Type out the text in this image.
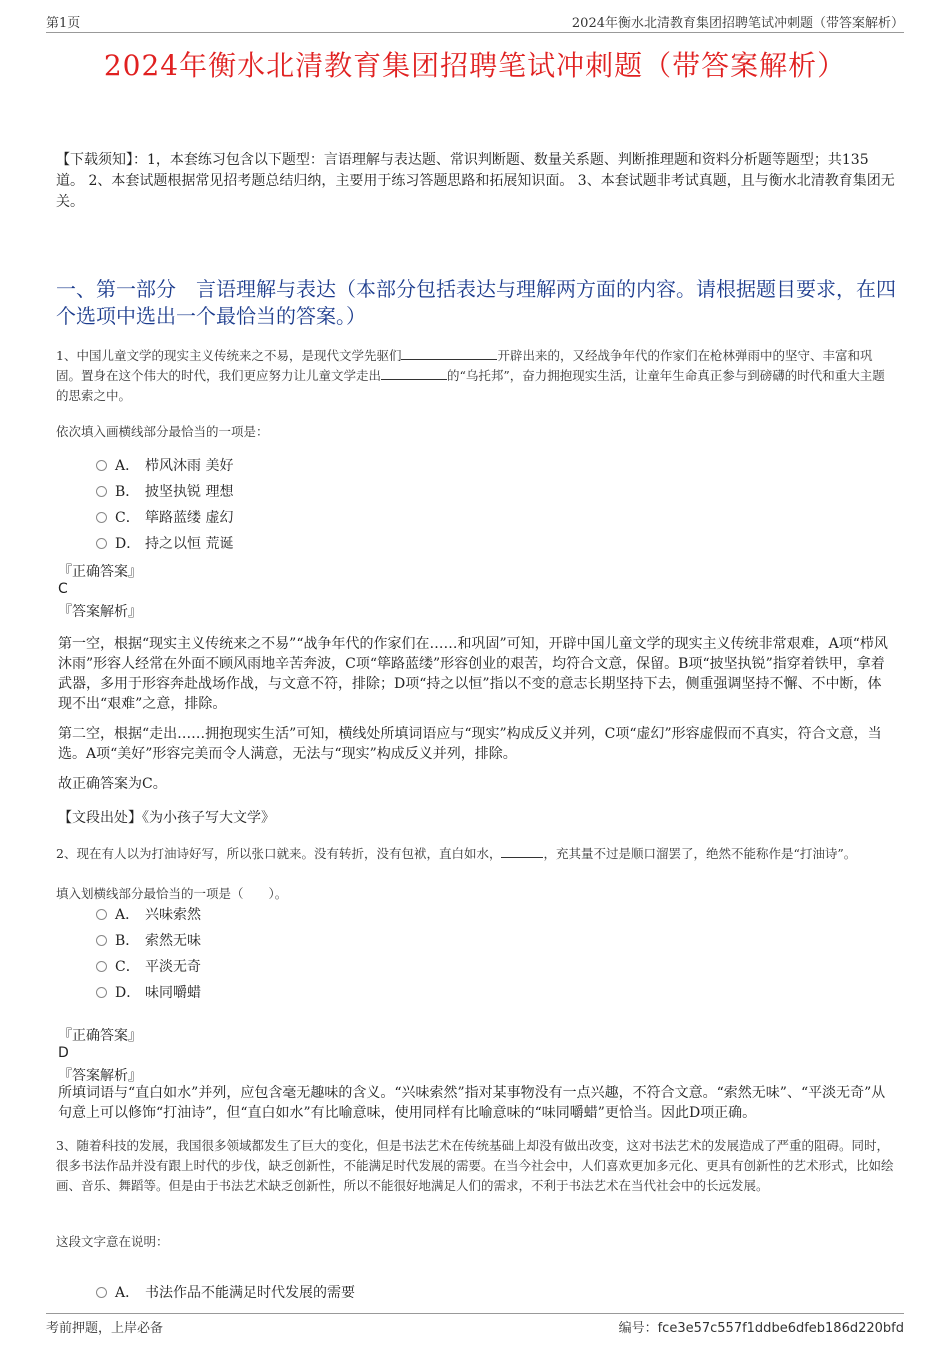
第1页	2024年衡水北清教育集团招聘笔试冲刺题（带答案解析）
2024年衡水北清教育集团招聘笔试冲刺题（带答案解析）
【下载须知】：1，本套练习包含以下题型：言语理解与表达题、常识判断题、数量关系题、判断推理题和资料分析题等题型；共135道。 2、本套试题根据常见招考题总结归纳，主要用于练习答题思路和拓展知识面。 3、本套试题非考试真题，且与衡水北清教育集团无关。
一、第一部分　言语理解与表达（本部分包括表达与理解两方面的内容。请根据题目要求，在四个选项中选出一个最恰当的答案。）
1、中国儿童文学的现实主义传统来之不易，是现代文学先驱们	开辟出来的，又经战争年代的作家们在枪林弹雨中的坚守、丰富和巩固。置身在这个伟大的时代，我们更应努力让儿童文学走出	的“乌托邦”，奋力拥抱现实生活，让童年生命真正参与到磅礴的时代和重大主题的思索之中。
依次填入画横线部分最恰当的一项是：
A． 栉风沐雨 美好
B． 披坚执锐 理想
C． 筚路蓝缕 虚幻
D． 持之以恒 荒诞
『正确答案』
C
『答案解析』
第一空，根据“现实主义传统来之不易”“战争年代的作家们在……和巩固”可知，开辟中国儿童文学的现实主义传统非常艰难，A项“栉风沐雨”形容人经常在外面不顾风雨地辛苦奔波，C项“筚路蓝缕”形容创业的艰苦，均符合文意，保留。B项“披坚执锐”指穿着铁甲，拿着武器，多用于形容奔赴战场作战，与文意不符，排除；D项“持之以恒”指以不变的意志长期坚持下去，侧重强调坚持不懈、不中断，体现不出“艰难”之意，排除。
第二空，根据“走出……拥抱现实生活”可知，横线处所填词语应与“现实”构成反义并列，C项“虚幻”形容虚假而不真实，符合文意，当选。A项“美好”形容完美而令人满意，无法与“现实”构成反义并列，排除。
故正确答案为C。
【文段出处】《为小孩子写大文学》
2、现在有人以为打油诗好写，所以张口就来。没有转折，没有包袱，直白如水，	，充其量不过是顺口溜罢了，绝然不能称作是“打油诗”。
填入划横线部分最恰当的一项是（　　）。
A． 兴味索然
B． 索然无味
C． 平淡无奇
D． 味同嚼蜡
『正确答案』
D
『答案解析』
所填词语与“直白如水”并列，应包含毫无趣味的含义。“兴味索然”指对某事物没有一点兴趣，不符合文意。“索然无味”、“平淡无奇”从句意上可以修饰“打油诗”，但“直白如水”有比喻意味，使用同样有比喻意味的“味同嚼蜡”更恰当。因此D项正确。
3、随着科技的发展，我国很多领域都发生了巨大的变化，但是书法艺术在传统基础上却没有做出改变，这对书法艺术的发展造成了严重的阻碍。同时，很多书法作品并没有跟上时代的步伐，缺乏创新性，不能满足时代发展的需要。在当今社会中，人们喜欢更加多元化、更具有创新性的艺术形式，比如绘画、音乐、舞蹈等。但是由于书法艺术缺乏创新性，所以不能很好地满足人们的需求，不利于书法艺术在当代社会中的长远发展。
这段文字意在说明：
A． 书法作品不能满足时代发展的需要
考前押题，上岸必备	编号：fce3e57c557f1ddbe6dfeb186d220bfd
